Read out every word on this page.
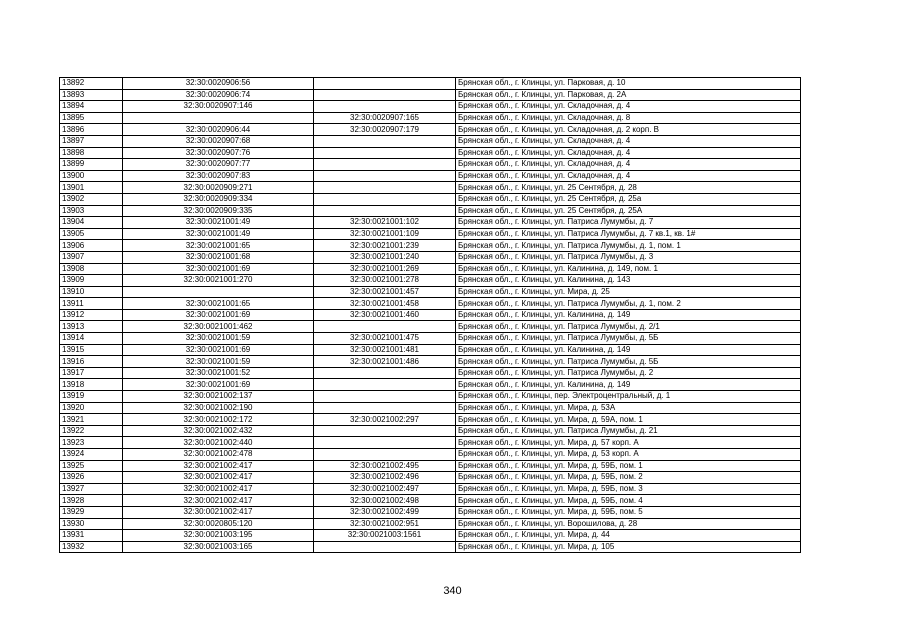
13892	32:30:0020906:56		Брянская обл., г. Клинцы, ул. Парковая, д. 10
13893	32:30:0020906:74		Брянская обл., г. Клинцы, ул. Парковая, д. 2А
13894	32:30:0020907:146		Брянская обл., г. Клинцы, ул. Складочная, д. 4
13895		32:30:0020907:165	Брянская обл., г. Клинцы, ул. Складочная, д. 8
13896	32:30:0020906:44	32:30:0020907:179	Брянская обл., г. Клинцы, ул. Складочная, д. 2 корп. В
13897	32:30:0020907:68		Брянская обл., г. Клинцы, ул. Складочная, д. 4
13898	32:30:0020907:76		Брянская обл., г. Клинцы, ул. Складочная, д. 4
13899	32:30:0020907:77		Брянская обл., г. Клинцы, ул. Складочная, д. 4
13900	32:30:0020907:83		Брянская обл., г. Клинцы, ул. Складочная, д. 4
13901	32:30:0020909:271		Брянская обл., г. Клинцы, ул. 25 Сентября, д. 28
13902	32:30:0020909:334		Брянская обл., г. Клинцы, ул. 25 Сентября, д. 25а
13903	32:30:0020909:335		Брянская обл., г. Клинцы, ул. 25 Сентября, д. 25А
13904	32:30:0021001:49	32:30:0021001:102	Брянская обл., г. Клинцы, ул. Патриса Лумумбы, д. 7
13905	32:30:0021001:49	32:30:0021001:109	Брянская обл., г. Клинцы, ул. Патриса Лумумбы, д. 7 кв.1, кв. 1#
13906	32:30:0021001:65	32:30:0021001:239	Брянская обл., г. Клинцы, ул. Патриса Лумумбы, д. 1, пом. 1
13907	32:30:0021001:68	32:30:0021001:240	Брянская обл., г. Клинцы, ул. Патриса Лумумбы, д. 3
13908	32:30:0021001:69	32:30:0021001:269	Брянская обл., г. Клинцы, ул. Калинина, д. 149, пом. 1
13909	32:30:0021001:270	32:30:0021001:278	Брянская обл., г. Клинцы, ул. Калинина, д. 143
13910		32:30:0021001:457	Брянская обл., г. Клинцы, ул. Мира, д. 25
13911	32:30:0021001:65	32:30:0021001:458	Брянская обл., г. Клинцы, ул. Патриса Лумумбы, д. 1, пом. 2
13912	32:30:0021001:69	32:30:0021001:460	Брянская обл., г. Клинцы, ул. Калинина, д. 149
13913	32:30:0021001:462		Брянская обл., г. Клинцы, ул. Патриса Лумумбы, д. 2/1
13914	32:30:0021001:59	32:30:0021001:475	Брянская обл., г. Клинцы, ул. Патриса Лумумбы, д. 5Б
13915	32:30:0021001:69	32:30:0021001:481	Брянская обл., г. Клинцы, ул. Калинина, д. 149
13916	32:30:0021001:59	32:30:0021001:486	Брянская обл., г. Клинцы, ул. Патриса Лумумбы, д. 5Б
13917	32:30:0021001:52		Брянская обл., г. Клинцы, ул. Патриса Лумумбы, д. 2
13918	32:30:0021001:69		Брянская обл., г. Клинцы, ул. Калинина, д. 149
13919	32:30:0021002:137		Брянская обл., г. Клинцы, пер. Электроцентральный, д. 1
13920	32:30:0021002:190		Брянская обл., г. Клинцы, ул. Мира, д. 53А
13921	32:30:0021002:172	32:30:0021002:297	Брянская обл., г. Клинцы, ул. Мира, д. 59А, пом. 1
13922	32:30:0021002:432		Брянская обл., г. Клинцы, ул. Патриса Лумумбы, д. 21
13923	32:30:0021002:440		Брянская обл., г. Клинцы, ул. Мира, д. 57 корп. А
13924	32:30:0021002:478		Брянская обл., г. Клинцы, ул. Мира, д. 53 корп. А
13925	32:30:0021002:417	32:30:0021002:495	Брянская обл., г. Клинцы, ул. Мира, д. 59Б, пом. 1
13926	32:30:0021002:417	32:30:0021002:496	Брянская обл., г. Клинцы, ул. Мира, д. 59Б, пом. 2
13927	32:30:0021002:417	32:30:0021002:497	Брянская обл., г. Клинцы, ул. Мира, д. 59Б, пом. 3
13928	32:30:0021002:417	32:30:0021002:498	Брянская обл., г. Клинцы, ул. Мира, д. 59Б, пом. 4
13929	32:30:0021002:417	32:30:0021002:499	Брянская обл., г. Клинцы, ул. Мира, д. 59Б, пом. 5
13930	32:30:0020805:120	32:30:0021002:951	Брянская обл., г. Клинцы, ул. Ворошилова, д. 28
13931	32:30:0021003:195	32:30:0021003:1561	Брянская обл., г. Клинцы, ул. Мира, д. 44
13932	32:30:0021003:165		Брянская обл., г. Клинцы, ул. Мира, д. 105
340
